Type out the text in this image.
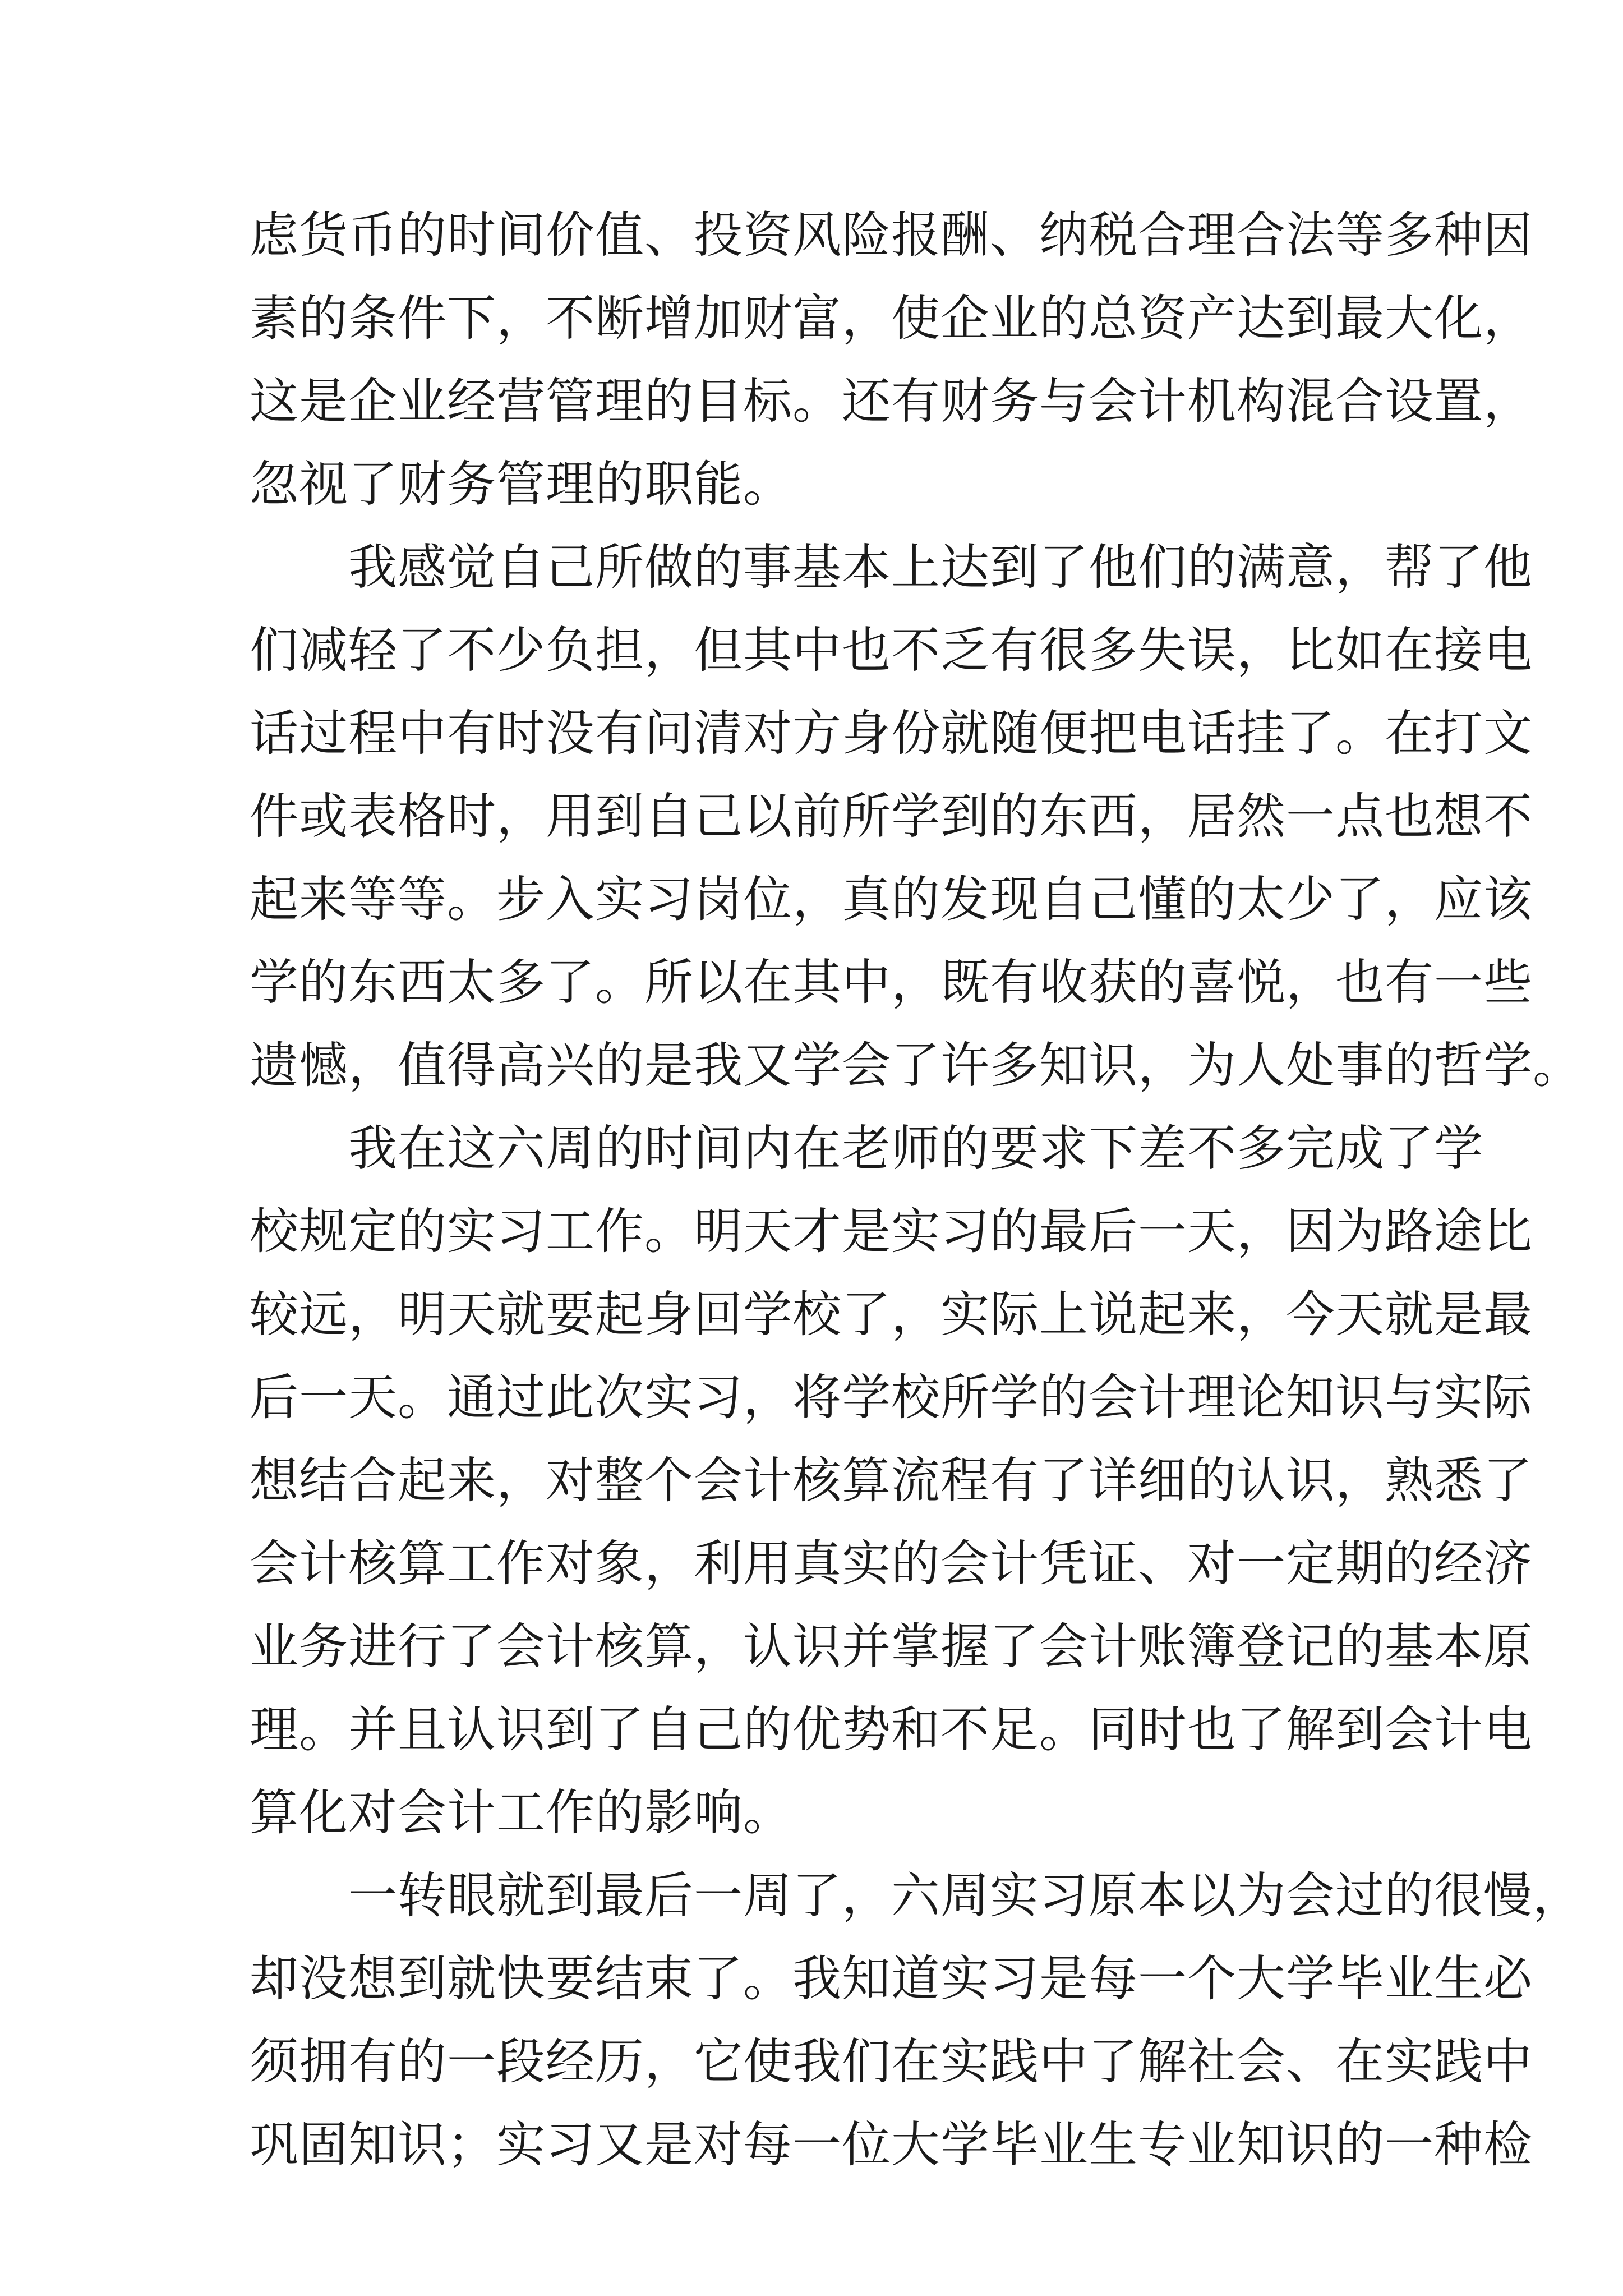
虑货币的时间价值、投资风险报酬、纳税合理合法等多种因
素的条件下，不断增加财富，使企业的总资产达到最大化，
这是企业经营管理的目标。还有财务与会计机构混合设置，
忽视了财务管理的职能。
　　我感觉自己所做的事基本上达到了他们的满意，帮了他
们减轻了不少负担，但其中也不乏有很多失误，比如在接电
话过程中有时没有问清对方身份就随便把电话挂了。在打文
件或表格时，用到自己以前所学到的东西，居然一点也想不
起来等等。步入实习岗位，真的发现自己懂的太少了，应该
学的东西太多了。所以在其中，既有收获的喜悦，也有一些
遗憾，值得高兴的是我又学会了许多知识，为人处事的哲学。
　　我在这六周的时间内在老师的要求下差不多完成了学
校规定的实习工作。明天才是实习的最后一天，因为路途比
较远，明天就要起身回学校了，实际上说起来，今天就是最
后一天。通过此次实习，将学校所学的会计理论知识与实际
想结合起来，对整个会计核算流程有了详细的认识，熟悉了
会计核算工作对象，利用真实的会计凭证、对一定期的经济
业务进行了会计核算，认识并掌握了会计账簿登记的基本原
理。并且认识到了自己的优势和不足。同时也了解到会计电
算化对会计工作的影响。
　　一转眼就到最后一周了，六周实习原本以为会过的很慢，
却没想到就快要结束了。我知道实习是每一个大学毕业生必
须拥有的一段经历，它使我们在实践中了解社会、在实践中
巩固知识；实习又是对每一位大学毕业生专业知识的一种检
